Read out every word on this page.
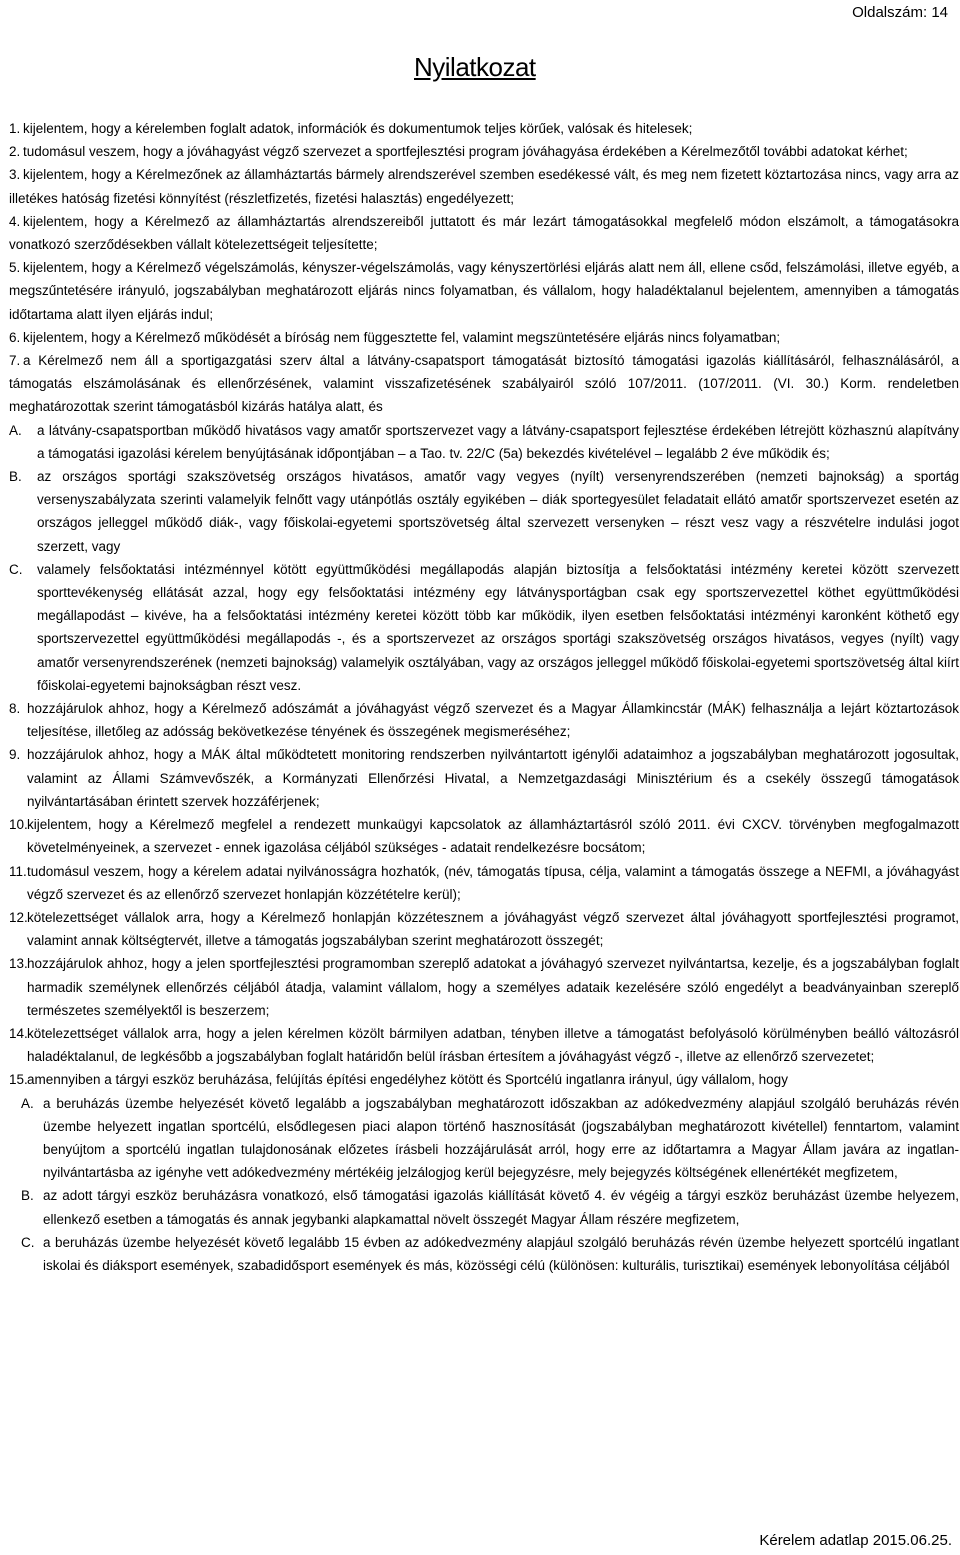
Oldalszám: 14
Nyilatkozat
1. kijelentem, hogy a kérelemben foglalt adatok, információk és dokumentumok teljes körűek, valósak és hitelesek;
2. tudomásul veszem, hogy a jóváhagyást végző szervezet a sportfejlesztési program jóváhagyása érdekében a Kérelmezőtől további adatokat kérhet;
3. kijelentem, hogy a Kérelmezőnek az államháztartás bármely alrendszerével szemben esedékessé vált, és meg nem fizetett köztartozása nincs, vagy arra az illetékes hatóság fizetési könnyítést (részletfizetés, fizetési halasztás) engedélyezett;
4. kijelentem, hogy a Kérelmező az államháztartás alrendszereiből juttatott és már lezárt támogatásokkal megfelelő módon elszámolt, a támogatásokra vonatkozó szerződésekben vállalt kötelezettségeit teljesítette;
5. kijelentem, hogy a Kérelmező végelszámolás, kényszer-végelszámolás, vagy kényszertörlési eljárás alatt nem áll, ellene csőd, felszámolási, illetve egyéb, a megszűntetésére irányuló, jogszabályban meghatározott eljárás nincs folyamatban, és vállalom, hogy haladéktalanul bejelentem, amennyiben a támogatás időtartama alatt ilyen eljárás indul;
6. kijelentem, hogy a Kérelmező működését a bíróság nem függesztette fel, valamint megszüntetésére eljárás nincs folyamatban;
7. a Kérelmező nem áll a sportigazgatási szerv által a látvány-csapatsport támogatását biztosító támogatási igazolás kiállításáról, felhasználásáról, a támogatás elszámolásának és ellenőrzésének, valamint visszafizetésének szabályairól szóló 107/2011. (107/2011. (VI. 30.) Korm. rendeletben meghatározottak szerint támogatásból kizárás hatálya alatt, és
A.	a látvány-csapatsportban működő hivatásos vagy amatőr sportszervezet vagy a látvány-csapatsport fejlesztése érdekében létrejött közhasznú alapítvány a támogatási igazolási kérelem benyújtásának időpontjában – a Tao. tv. 22/C (5a) bekezdés kivételével – legalább 2 éve működik és;
B.	az országos sportági szakszövetség országos hivatásos, amatőr vagy vegyes (nyílt) versenyrendszerében (nemzeti bajnokság) a sportág versenyszabályzata szerinti valamelyik felnőtt vagy utánpótlás osztály egyikében – diák sportegyesület feladatait ellátó amatőr sportszervezet esetén az országos jelleggel működő diák-, vagy főiskolai-egyetemi sportszövetség által szervezett versenyken – részt vesz vagy a részvételre indulási jogot szerzett, vagy
C.	valamely felsőoktatási intézménnyel kötött együttműködési megállapodás alapján biztosítja a felsőoktatási intézmény keretei között szervezett sporttevékenység ellátását azzal, hogy egy felsőoktatási intézmény egy látványsportágban csak egy sportszervezettel köthet együttműködési megállapodást – kivéve, ha a felsőoktatási intézmény keretei között több kar működik, ilyen esetben felsőoktatási intézményi karonként köthető egy sportszervezettel együttműködési megállapodás -, és a sportszervezet az országos sportági szakszövetség országos hivatásos, vegyes (nyílt) vagy amatőr versenyrendszerének (nemzeti bajnokság) valamelyik osztályában, vagy az országos jelleggel működő főiskolai-egyetemi sportszövetség által kiírt főiskolai-egyetemi bajnokságban részt vesz.
8. hozzájárulok ahhoz, hogy a Kérelmező adószámát a jóváhagyást végző szervezet és a Magyar Államkincstár (MÁK) felhasználja a lejárt köztartozások teljesítése, illetőleg az adósság bekövetkezése tényének és összegének megismeréséhez;
9. hozzájárulok ahhoz, hogy a MÁK által működtetett monitoring rendszerben nyilvántartott igénylői adataimhoz a jogszabályban meghatározott jogosultak, valamint az Állami Számvevőszék, a Kormányzati Ellenőrzési Hivatal, a Nemzetgazdasági Minisztérium és a csekély összegű támogatások nyilvántartásában érintett szervek hozzáférjenek;
10. kijelentem, hogy a Kérelmező megfelel a rendezett munkaügyi kapcsolatok az államháztartásról szóló 2011. évi CXCV. törvényben megfogalmazott követelményeinek, a szervezet - ennek igazolása céljából szükséges - adatait rendelkezésre bocsátom;
11. tudomásul veszem, hogy a kérelem adatai nyilvánosságra hozhatók, (név, támogatás típusa, célja, valamint a támogatás összege a NEFMI, a jóváhagyást végző szervezet és az ellenőrző szervezet honlapján közzétételre kerül);
12. kötelezettséget vállalok arra, hogy a Kérelmező honlapján közzétesznem a jóváhagyást végző szervezet által jóváhagyott sportfejlesztési programot, valamint annak költségtervét, illetve a támogatás jogszabályban szerint meghatározott összegét;
13. hozzájárulok ahhoz, hogy a jelen sportfejlesztési programomban szereplő adatokat a jóváhagyó szervezet nyilvántartsa, kezelje, és a jogszabályban foglalt harmadik személynek ellenőrzés céljából átadja, valamint vállalom, hogy a személyes adataik kezelésére szóló engedélyt a beadványainban szereplő természetes személyektől is beszerzem;
14. kötelezettséget vállalok arra, hogy a jelen kérelmen közölt bármilyen adatban, tényben illetve a támogatást befolyásoló körülményben beálló változásról haladéktalanul, de legkésőbb a jogszabályban foglalt határidőn belül írásban értesítem a jóváhagyást végző -, illetve az ellenőrző szervezetet;
15. amennyiben a tárgyi eszköz beruházása, felújítás építési engedélyhez kötött és Sportcélú ingatlanra irányul, úgy vállalom, hogy
A. a beruházás üzembe helyezését követő legalább a jogszabályban meghatározott időszakban az adókedvezmény alapjául szolgáló beruházás révén üzembe helyezett ingatlan sportcélú, elsődlegesen piaci alapon történő hasznosítását (jogszabályban meghatározott kivétellel) fenntartom, valamint benyújtom a sportcélú ingatlan tulajdonosának előzetes írásbeli hozzájárulását arról, hogy erre az időtartamra a Magyar Állam javára az ingatlan-nyilvántartásba az igényhe vett adókedvezmény mértékéig jelzálogjog kerül bejegyzésre, mely bejegyzés költségének ellenértékét megfizetem,
B. az adott tárgyi eszköz beruházásra vonatkozó, első támogatási igazolás kiállítását követő 4. év végéig a tárgyi eszköz beruházást üzembe helyezem, ellenkező esetben a támogatás és annak jegybanki alapkamattal növelt összegét Magyar Állam részére megfizetem,
C. a beruházás üzembe helyezését követő legalább 15 évben az adókedvezmény alapjául szolgáló beruházás révén üzembe helyezett sportcélú ingatlant iskolai és diáksport események, szabadidősport események és más, közösségi célú (különösen: kulturális, turisztikai) események lebonyolítása céljából
Kérelem adatlap 2015.06.25.
